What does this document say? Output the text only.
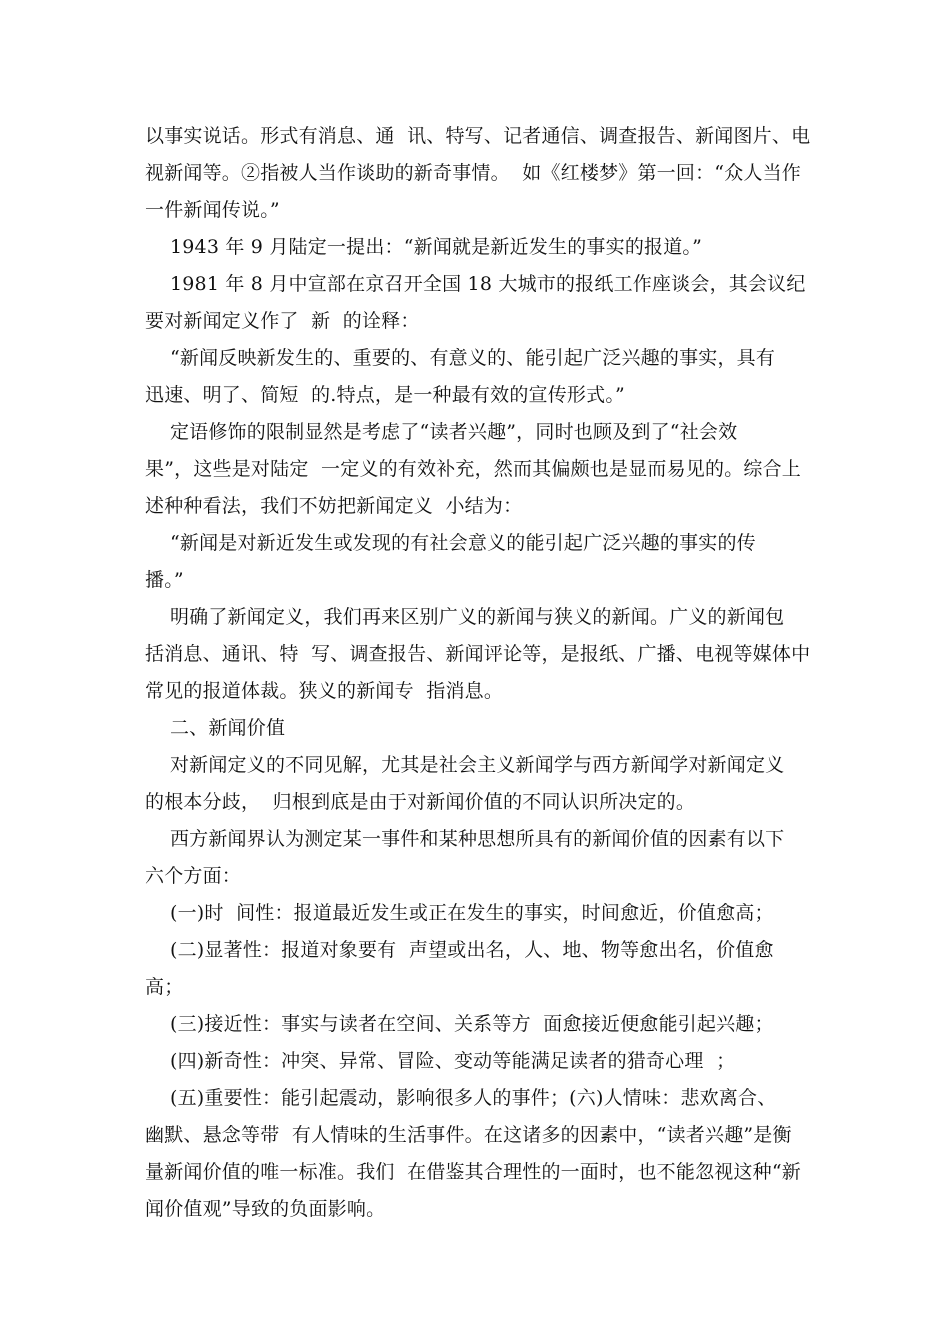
以事实说话。形式有消息、通  讯、特写、记者通信、调查报告、新闻图片、电
视新闻等。②指被人当作谈助的新奇事情。  如《红楼梦》第一回：“众人当作
一件新闻传说。”
1943 年 9 月陆定一提出：“新闻就是新近发生的事实的报道。”
1981 年 8 月中宣部在京召开全国 18 大城市的报纸工作座谈会，其会议纪
要对新闻定义作了  新  的诠释：
“新闻反映新发生的、重要的、有意义的、能引起广泛兴趣的事实，具有
迅速、明了、简短  的.特点，是一种最有效的宣传形式。”
定语修饰的限制显然是考虑了“读者兴趣”，同时也顾及到了“社会效
果”，这些是对陆定  一定义的有效补充，然而其偏颇也是显而易见的。综合上
述种种看法，我们不妨把新闻定义  小结为：
“新闻是对新近发生或发现的有社会意义的能引起广泛兴趣的事实的传
播。”
明确了新闻定义，我们再来区别广义的新闻与狭义的新闻。广义的新闻包
括消息、通讯、特  写、调查报告、新闻评论等，是报纸、广播、电视等媒体中
常见的报道体裁。狭义的新闻专  指消息。
二、新闻价值
对新闻定义的不同见解，尤其是社会主义新闻学与西方新闻学对新闻定义
的根本分歧，  归根到底是由于对新闻价值的不同认识所决定的。
西方新闻界认为测定某一事件和某种思想所具有的新闻价值的因素有以下
六个方面：
(一)时  间性：报道最近发生或正在发生的事实，时间愈近，价值愈高；
(二)显著性：报道对象要有  声望或出名，人、地、物等愈出名，价值愈
高；
(三)接近性：事实与读者在空间、关系等方  面愈接近便愈能引起兴趣；
(四)新奇性：冲突、异常、冒险、变动等能满足读者的猎奇心理  ；
(五)重要性：能引起震动，影响很多人的事件；(六)人情味：悲欢离合、
幽默、悬念等带  有人情味的生活事件。在这诸多的因素中，“读者兴趣”是衡
量新闻价值的唯一标准。我们  在借鉴其合理性的一面时，也不能忽视这种“新
闻价值观”导致的负面影响。
